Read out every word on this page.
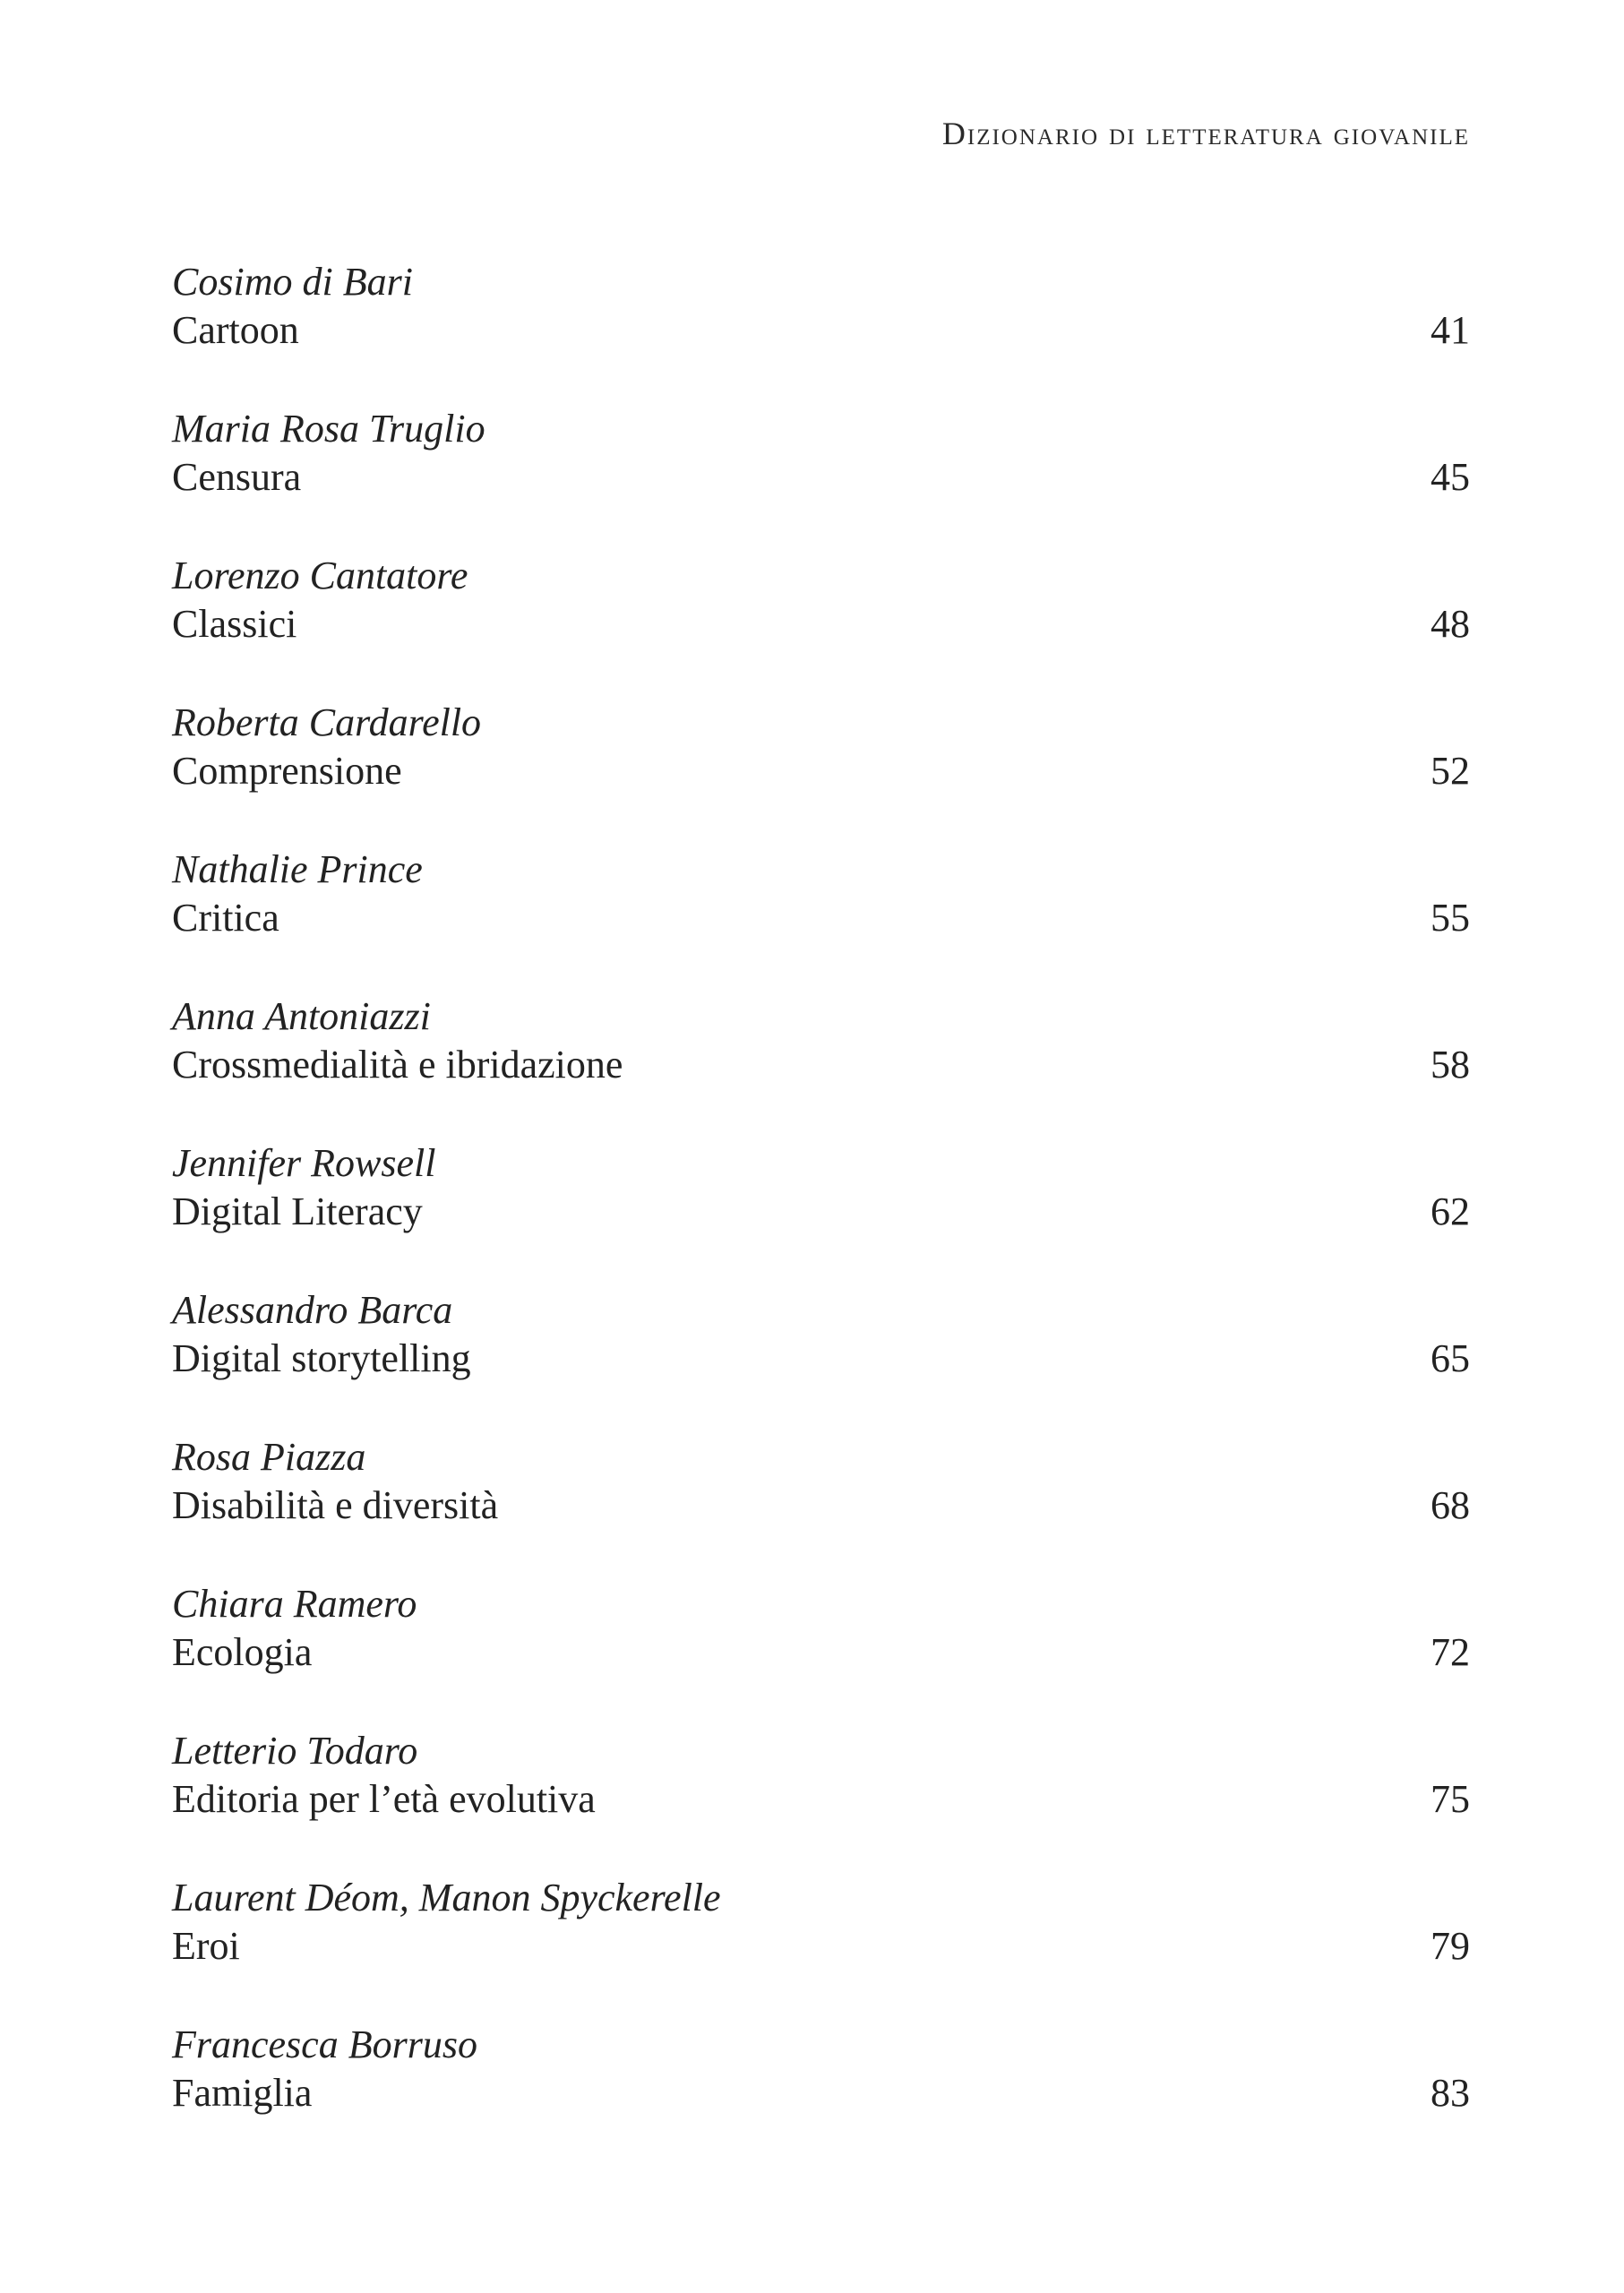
Dizionario di letteratura giovanile
Cosimo di Bari
Cartoon	41
Maria Rosa Truglio
Censura	45
Lorenzo Cantatore
Classici	48
Roberta Cardarello
Comprensione	52
Nathalie Prince
Critica	55
Anna Antoniazzi
Crossmedialità e ibridazione	58
Jennifer Rowsell
Digital Literacy	62
Alessandro Barca
Digital storytelling	65
Rosa Piazza
Disabilità e diversità	68
Chiara Ramero
Ecologia	72
Letterio Todaro
Editoria per l’età evolutiva	75
Laurent Déom, Manon Spyckerelle
Eroi	79
Francesca Borruso
Famiglia	83
